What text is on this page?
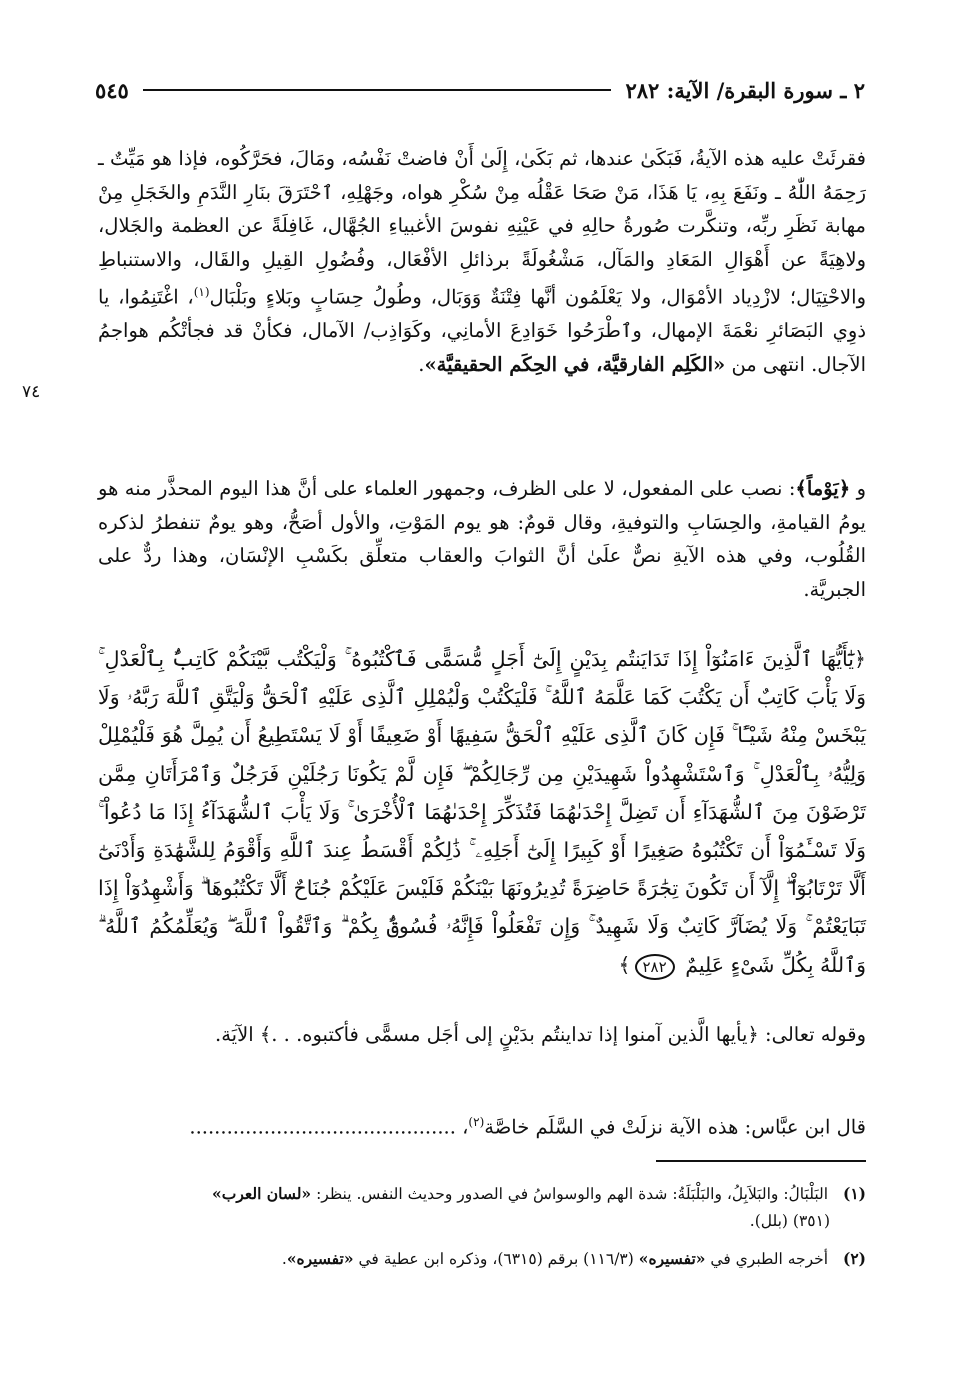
٢ ـ سورة البقرة/ الآية: ٢٨٢
٥٤٥

فقرئَتْ عليه هذه الآيةُ، فَبَكَىٰ عندها، ثم بَكَىٰ، إِلَىٰ أَنْ فاضتْ نَفْسُه، ومَالَ، فحَرَّكُوه، فإذا هو مَيِّتٌ ـ رَحِمَهُ اللّٰهُ ـ ونَفَعَ بِهِ، يَا هَذَا، مَنْ صَحَا عَقْلُه مِنْ سُكْرِ هواه، وجَهْلِهِ، ٱحْتَرَقَ بنَارِ النَّدَمِ والخَجَلِ مِنْ مهابة نَظَرِ ربِّه، وتنكَّرت صُورةُ حالِهِ في عَيْنِهِ نفوسَ الأغبياءِ الجُهَّال، غَافِلَةً عن العظمة والجَلال، ولاهِيَةً عن أَهْوَالِ المَعَادِ والمَآل، مَشْغُولَةً برذائلِ الأفْعَال، وفُضُولِ القِيلِ والقَال، والاستنباطِ والاحْتِيَال؛ لازْدِياد الأمْوَال، ولا يَعْلَمُون أنَّها فِتْنَةٌ وَوَبَال، وطُولُ حِسَابٍ وبَلاءٍ وبَلْبَال$^{(١)}$، اغْتَنِمُوا، يا ذوِي البَصَائرِ نعْمَةَ الإمهال، وٱطْرَحُوا خَوَادِعَ الأمانِي، وكَوَاذِب/ الآمال، فكأنْ قد فجأتْكُم هواجمُ الآجال. انتهى من «الكَلِم الفارقيَّة، في الحِكَم الحقيقيَّة».

٧٤

و ﴿يَوْماً﴾: نصب على المفعول، لا على الظرف، وجمهور العلماء على أنَّ هذا اليوم المحذَّر منه هو يومُ القيامةِ، والحِسَابِ والتوفيةِ، وقال قومٌ: هو يوم المَوْتِ، والأول أصَحُّ، وهو يومٌ تنفطرُ لذكره القُلُوب، وفي هذه الآيةِ نصٌّ علَىٰ أنَّ الثوابَ والعقاب متعلِّق بكَسْبِ الإنْسَان، وهذا ردٌّ على الجبريَّة.

﴿يَٰٓأَيُّهَا ٱلَّذِينَ ءَامَنُوٓاْ إِذَا تَدَايَنتُم بِدَيْنٍ إِلَىٰٓ أَجَلٍ مُّسَمًّى فَٱكْتُبُوهُ ۚ وَلْيَكْتُب بَّيْنَكُمْ كَاتِبٌۢ بِٱلْعَدْلِ ۚ وَلَا يَأْبَ كَاتِبٌ أَن يَكْتُبَ كَمَا عَلَّمَهُ ٱللَّهُ ۚ فَلْيَكْتُبْ وَلْيُمْلِلِ ٱلَّذِى عَلَيْهِ ٱلْحَقُّ وَلْيَتَّقِ ٱللَّهَ رَبَّهُۥ وَلَا يَبْخَسْ مِنْهُ شَيْـًٔا ۚ فَإِن كَانَ ٱلَّذِى عَلَيْهِ ٱلْحَقُّ سَفِيهًا أَوْ ضَعِيفًا أَوْ لَا يَسْتَطِيعُ أَن يُمِلَّ هُوَ فَلْيُمْلِلْ وَلِيُّهُۥ بِٱلْعَدْلِ ۚ وَٱسْتَشْهِدُواْ شَهِيدَيْنِ مِن رِّجَالِكُمْ ۖ فَإِن لَّمْ يَكُونَا رَجُلَيْنِ فَرَجُلٌ وَٱمْرَأَتَانِ مِمَّن تَرْضَوْنَ مِنَ ٱلشُّهَدَآءِ أَن تَضِلَّ إِحْدَىٰهُمَا فَتُذَكِّرَ إِحْدَىٰهُمَا ٱلْأُخْرَىٰ ۚ وَلَا يَأْبَ ٱلشُّهَدَآءُ إِذَا مَا دُعُواْ ۚ وَلَا تَسْـَٔمُوٓاْ أَن تَكْتُبُوهُ صَغِيرًا أَوْ كَبِيرًا إِلَىٰٓ أَجَلِهِۦ ۚ ذَٰلِكُمْ أَقْسَطُ عِندَ ٱللَّهِ وَأَقْوَمُ لِلشَّهَٰدَةِ وَأَدْنَىٰٓ أَلَّا تَرْتَابُوٓاْ ۖ إِلَّآ أَن تَكُونَ تِجَٰرَةً حَاضِرَةً تُدِيرُونَهَا بَيْنَكُمْ فَلَيْسَ عَلَيْكُمْ جُنَاحٌ أَلَّا تَكْتُبُوهَا ۗ وَأَشْهِدُوٓاْ إِذَا تَبَايَعْتُمْ ۚ وَلَا يُضَآرَّ كَاتِبٌ وَلَا شَهِيدٌ ۚ وَإِن تَفْعَلُواْ فَإِنَّهُۥ فُسُوقٌۢ بِكُمْ ۗ وَٱتَّقُواْ ٱللَّهَ ۖ وَيُعَلِّمُكُمُ ٱللَّهُ ۗ وَٱللَّهُ بِكُلِّ شَىْءٍ عَلِيمٌ ٢٨٢﴾

وقوله تعالى: ﴿يأيها الَّذين آمنوا إذا تداينتُم بدَيْنٍ إلى أجَل مسمًّى فأكتبوه. . .﴾ الآيَة.

قال ابن عبَّاس: هذه الآية نزلَتْ في السَّلَم خاصَّة$^{(٢)}$، ...........................................

(١) البَلْبَالُ: والبَلاَبِلُ، والبَلْبَلَةُ: شدة الهم والوسواسُ في الصدور وحديث النفس. ينظر: «لسان العرب»
(٣٥١) (بلل).
(٢) أخرجه الطبري في «تفسيره» (١١٦/٣) برقم (٦٣١٥)، وذكره ابن عطية في «تفسيره».
